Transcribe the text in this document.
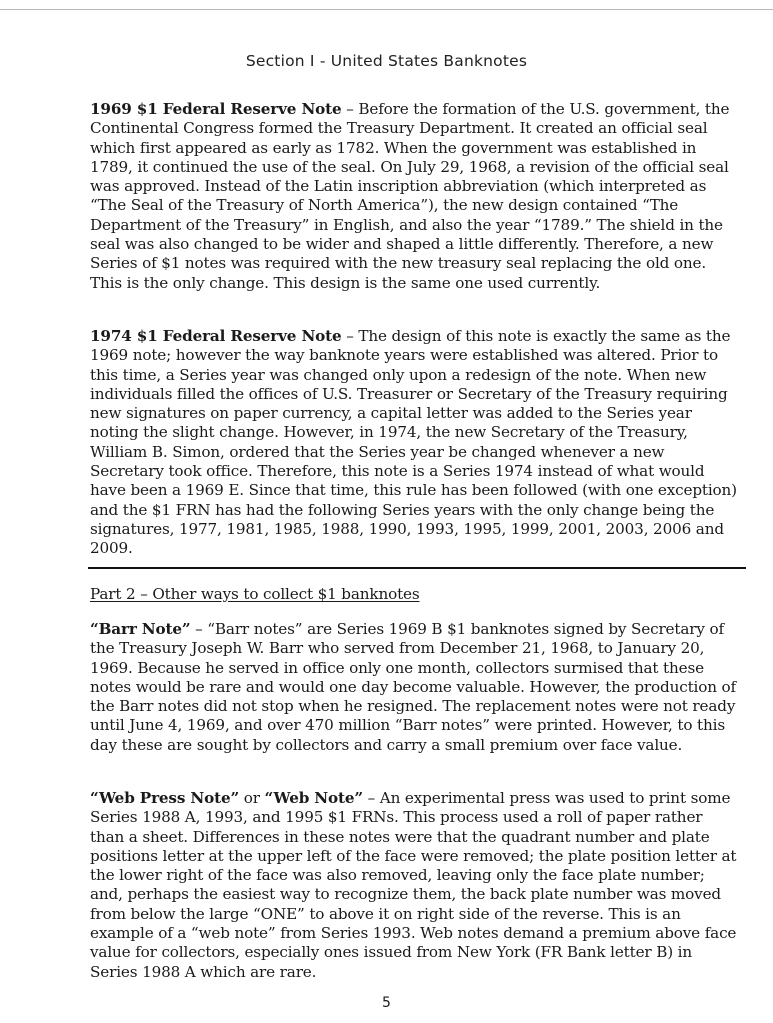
Section I - United States Banknotes

1969 $1 Federal Reserve Note – Before the formation of the U.S. government, the Continental Congress formed the Treasury Department. It created an official seal which first appeared as early as 1782. When the government was established in 1789, it continued the use of the seal. On July 29, 1968, a revision of the official seal was approved. Instead of the Latin inscription abbreviation (which interpreted as “The Seal of the Treasury of North America”), the new design contained “The Department of the Treasury” in English, and also the year “1789.” The shield in the seal was also changed to be wider and shaped a little differently. Therefore, a new Series of $1 notes was required with the new treasury seal replacing the old one. This is the only change. This design is the same one used currently.

1974 $1 Federal Reserve Note – The design of this note is exactly the same as the 1969 note; however the way banknote years were established was altered. Prior to this time, a Series year was changed only upon a redesign of the note. When new individuals filled the offices of U.S. Treasurer or Secretary of the Treasury requiring new signatures on paper currency, a capital letter was added to the Series year noting the slight change. However, in 1974, the new Secretary of the Treasury, William B. Simon, ordered that the Series year be changed whenever a new Secretary took office. Therefore, this note is a Series 1974 instead of what would have been a 1969 E. Since that time, this rule has been followed (with one exception) and the $1 FRN has had the following Series years with the only change being the signatures, 1977, 1981, 1985, 1988, 1990, 1993, 1995, 1999, 2001, 2003, 2006 and 2009.

Part 2 – Other ways to collect $1 banknotes

“Barr Note” – “Barr notes” are Series 1969 B $1 banknotes signed by Secretary of the Treasury Joseph W. Barr who served from December 21, 1968, to January 20, 1969. Because he served in office only one month, collectors surmised that these notes would be rare and would one day become valuable. However, the production of the Barr notes did not stop when he resigned. The replacement notes were not ready until June 4, 1969, and over 470 million “Barr notes” were printed. However, to this day these are sought by collectors and carry a small premium over face value.

“Web Press Note” or “Web Note” – An experimental press was used to print some Series 1988 A, 1993, and 1995 $1 FRNs. This process used a roll of paper rather than a sheet. Differences in these notes were that the quadrant number and plate positions letter at the upper left of the face were removed; the plate position letter at the lower right of the face was also removed, leaving only the face plate number; and, perhaps the easiest way to recognize them, the back plate number was moved from below the large “ONE” to above it on right side of the reverse. This is an example of a “web note” from Series 1993. Web notes demand a premium above face value for collectors, especially ones issued from New York (FR Bank letter B) in Series 1988 A which are rare.

5
